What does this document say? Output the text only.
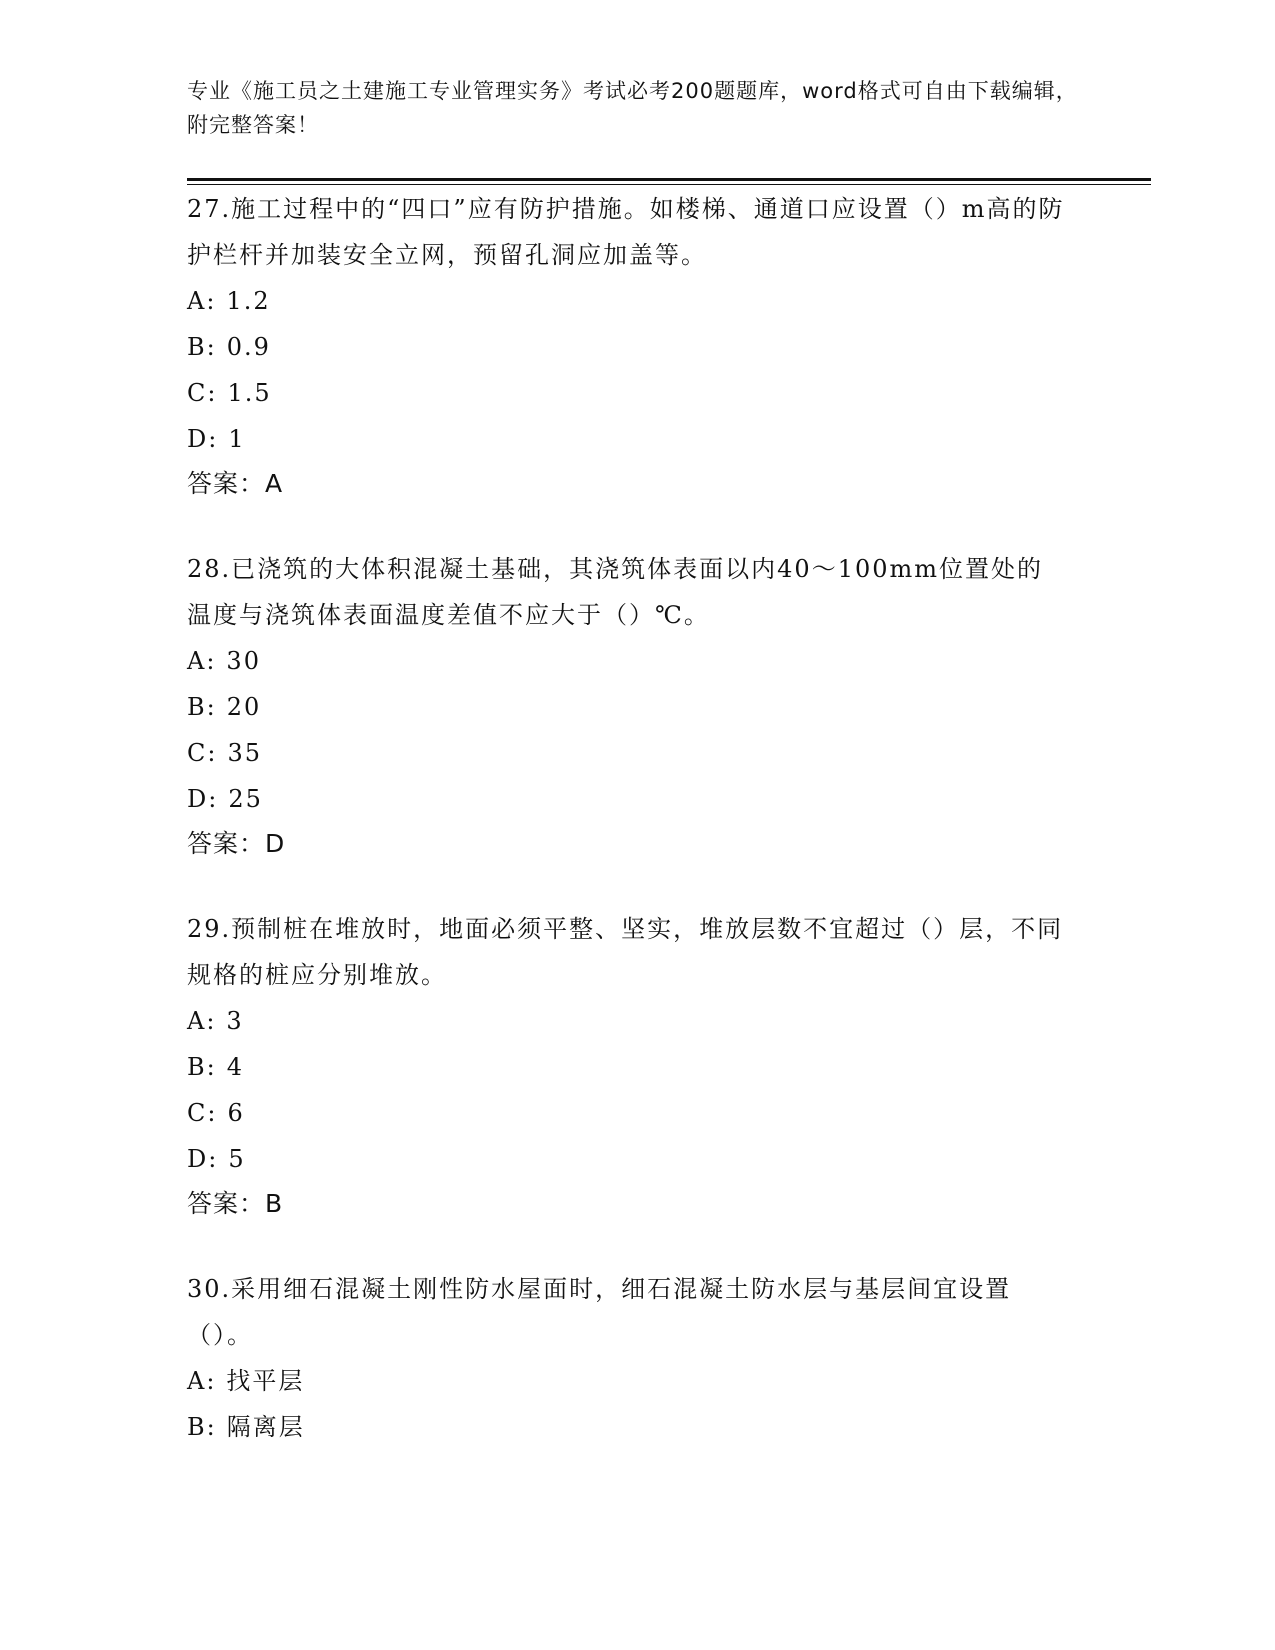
专业《施工员之土建施工专业管理实务》考试必考200题题库，word格式可自由下载编辑，附完整答案！

27.施工过程中的“四口”应有防护措施。如楼梯、通道口应设置（）m高的防护栏杆并加装安全立网，预留孔洞应加盖等。

A: 1.2

B: 0.9

C: 1.5

D: 1

答案：A

28.已浇筑的大体积混凝土基础，其浇筑体表面以内40～100mm位置处的温度与浇筑体表面温度差值不应大于（）℃。

A: 30

B: 20

C: 35

D: 25

答案：D

29.预制桩在堆放时，地面必须平整、坚实，堆放层数不宜超过（）层，不同规格的桩应分别堆放。

A: 3

B: 4

C: 6

D: 5

答案：B

30.采用细石混凝土刚性防水屋面时，细石混凝土防水层与基层间宜设置（）。

A: 找平层

B: 隔离层
